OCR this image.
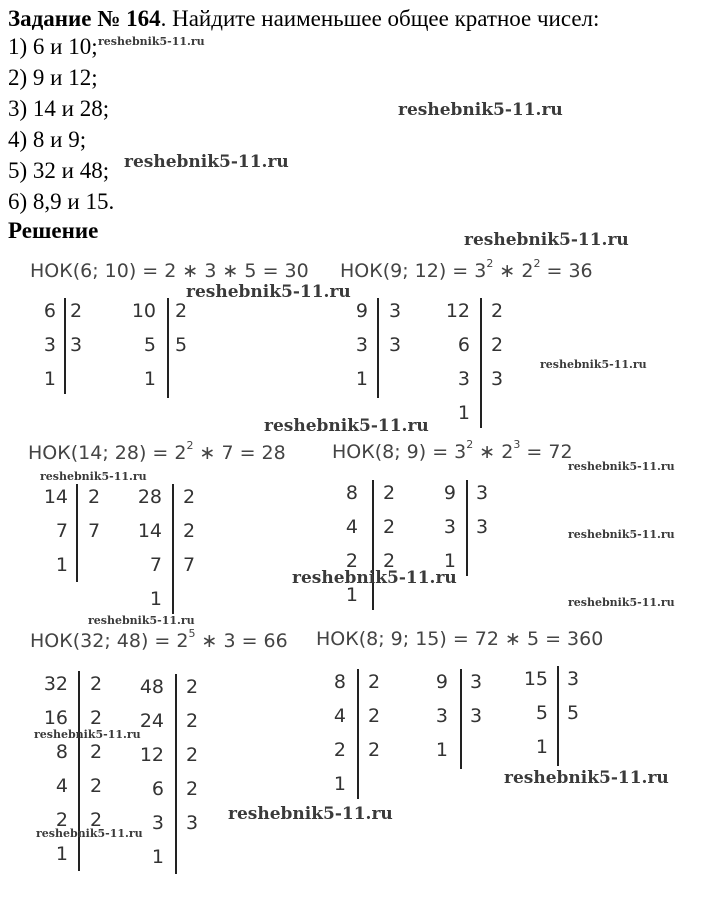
Задание № 164. Найдите наименьшее общее кратное чисел:
1) 6 и 10;
2) 9 и 12;
3) 14 и 28;
4) 8 и 9;
5) 32 и 48;
6) 8,9 и 15.
Решение
НОК(6; 10) = 2 ∗ 3 ∗ 5 = 30 НОК(9; $12) = 3^2$ ∗ $2^2 = 36$
НОК(14; $28) = 2^2$ ∗ 7 = 28 НОК(8; $9) = 3^2$ ∗ $2^3 = 72$
НОК(32; $48) = 2^5$ ∗ 3 = 66 НОК(8; 9; 15) = 72 ∗ 5 = 360
6
3
1
2
3
10
5
1
2
5
9
3
1
3
3
12
6
3
1
2
2
3
14
7
1
2
7
28
14
7
1
2
2
7
8
4
2
1
2
2
2
9
3
1
3
3
32
16
8
4
2
1
2
2
2
2
2
48
24
12
6
3
1
2
2
2
2
3
8
4
2
1
2
2
2
9
3
1
3
3
15
5
1
3
5
reshebnik5-11.ru
reshebnik5-11.ru
reshebnik5-11.ru
reshebnik5-11.ru
reshebnik5-11.ru
reshebnik5-11.ru
reshebnik5-11.ru
reshebnik5-11.ru
reshebnik5-11.ru
reshebnik5-11.ru
reshebnik5-11.ru
reshebnik5-11.ru
reshebnik5-11.ru
reshebnik5-11.ru
reshebnik5-11.ru
reshebnik5-11.ru
reshebnik5-11.ru
